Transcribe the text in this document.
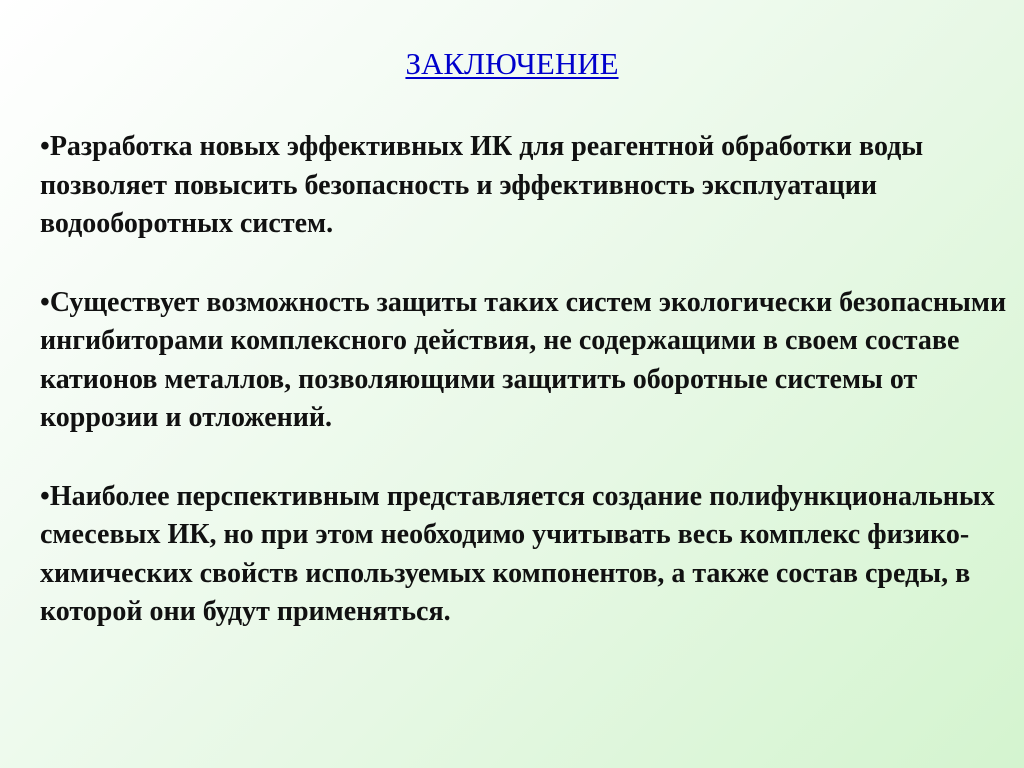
ЗАКЛЮЧЕНИЕ

•Разработка новых эффективных ИК для реагентной обработки воды позволяет повысить безопасность и эффективность эксплуатации водооборотных систем.

•Существует возможность защиты таких систем экологически безопасными ингибиторами комплексного действия, не содержащими в своем составе катионов металлов, позволяющими защитить оборотные системы от коррозии и отложений.

•Наиболее перспективным представляется создание полифункциональных смесевых ИК, но при этом необходимо учитывать весь комплекс физико-химических свойств используемых компонентов, а также состав среды, в которой они будут применяться.
